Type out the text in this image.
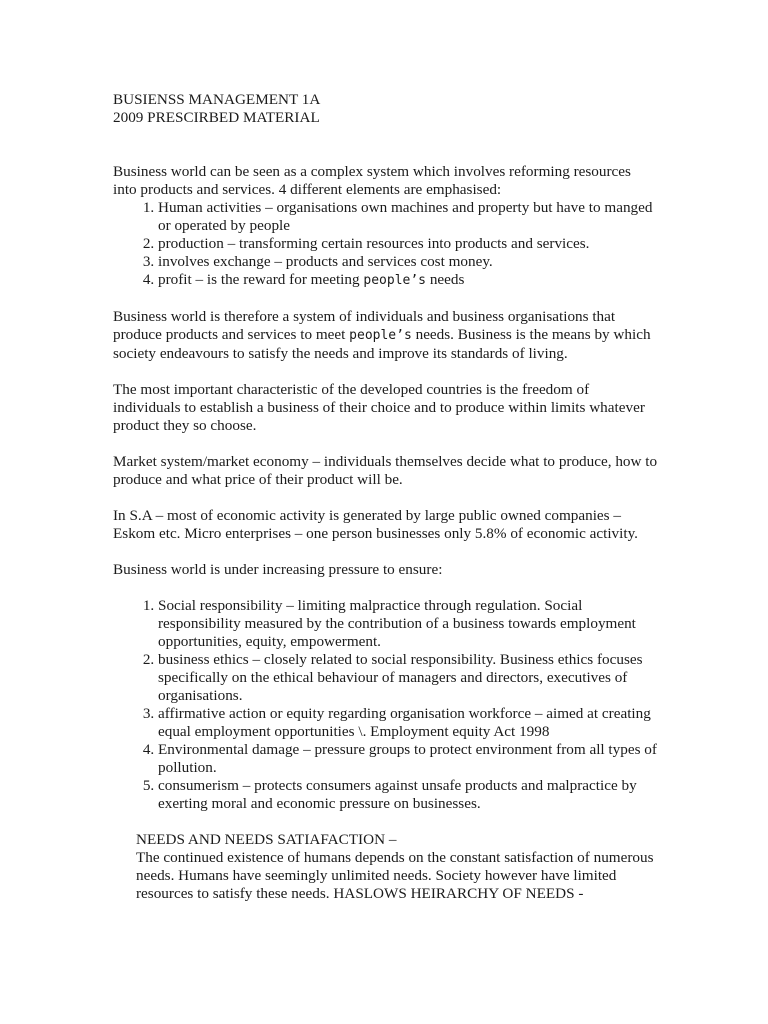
BUSIENSS MANAGEMENT 1A
2009 PRESCIRBED MATERIAL
Business world can be seen as a complex system which involves reforming resources into products and services. 4 different elements are emphasised:
1. Human activities – organisations own machines and property but have to manged or operated by people
2. production – transforming certain resources into products and services.
3. involves exchange – products and services cost money.
4. profit – is the reward for meeting people’s needs

Business world is therefore a system of individuals and business organisations that produce products and services to meet people’s needs. Business is the means by which society endeavours to satisfy the needs and improve its standards of living.

The most important characteristic of the developed countries is the freedom of individuals to establish a business of their choice and to produce within limits whatever product they so choose.

Market system/market economy – individuals themselves decide what to produce, how to produce and what price of their product will be.

In S.A – most of economic activity is generated by large public owned companies – Eskom etc. Micro enterprises – one person businesses only 5.8% of economic activity.

Business world is under increasing pressure to ensure:

1. Social responsibility – limiting malpractice through regulation. Social responsibility measured by the contribution of a business towards employment opportunities, equity, empowerment.
2. business ethics – closely related to social responsibility. Business ethics focuses specifically on the ethical behaviour of managers and directors, executives of organisations.
3. affirmative action or equity regarding organisation workforce – aimed at creating equal employment opportunities \. Employment equity Act 1998
4. Environmental damage – pressure groups to protect environment from all types of pollution.
5. consumerism – protects consumers against unsafe products and malpractice by exerting moral and economic pressure on businesses.
NEEDS AND NEEDS SATIAFACTION –
The continued existence of humans depends on the constant satisfaction of numerous needs. Humans have seemingly unlimited needs. Society however have limited resources to satisfy these needs. HASLOWS HEIRARCHY OF NEEDS -
